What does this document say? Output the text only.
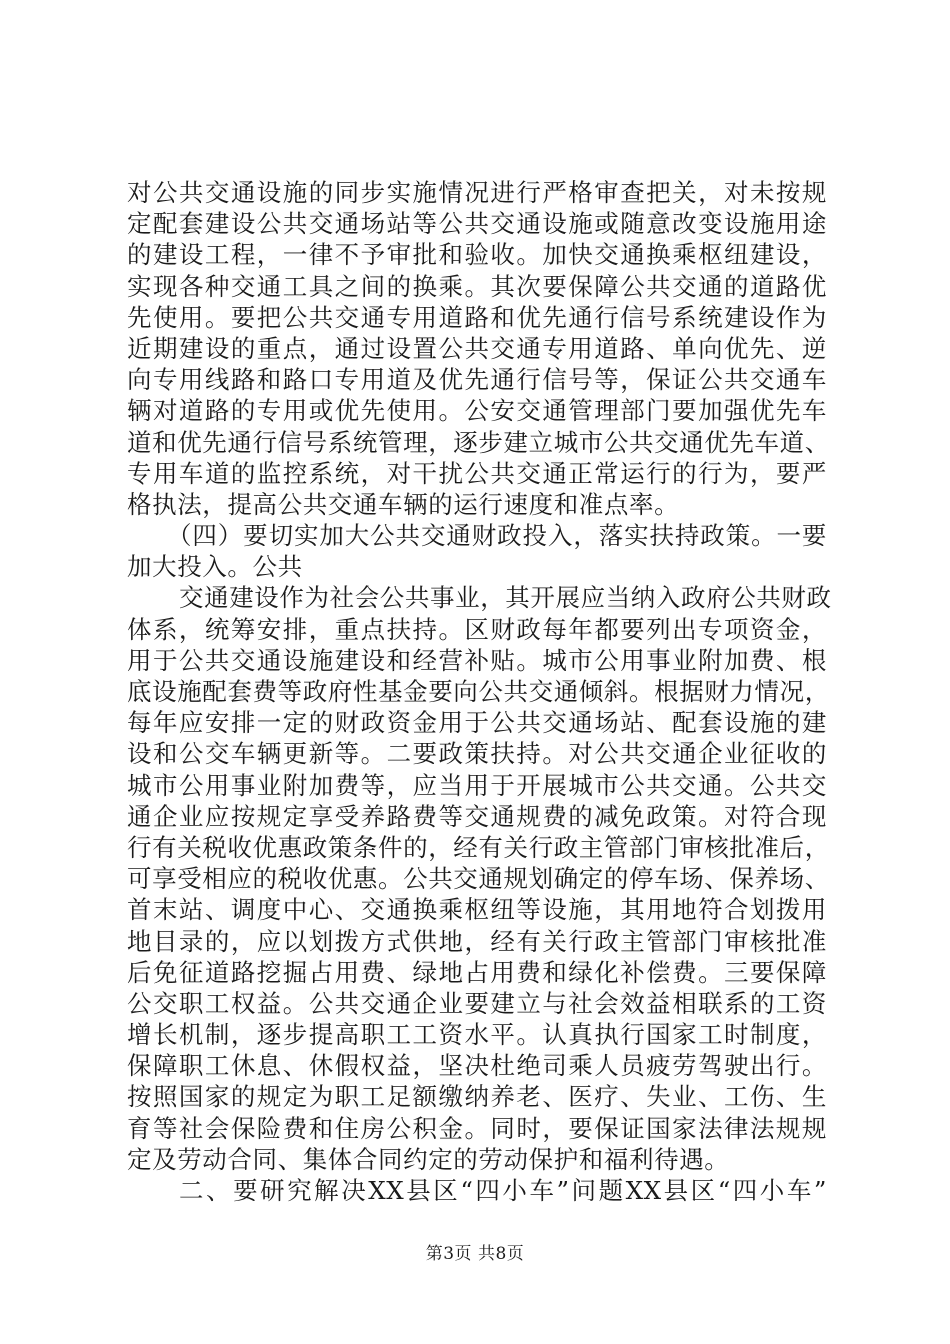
对公共交通设施的同步实施情况进行严格审查把关，对未按规
定配套建设公共交通场站等公共交通设施或随意改变设施用途
的建设工程，一律不予审批和验收。加快交通换乘枢纽建设，
实现各种交通工具之间的换乘。其次要保障公共交通的道路优
先使用。要把公共交通专用道路和优先通行信号系统建设作为
近期建设的重点，通过设置公共交通专用道路、单向优先、逆
向专用线路和路口专用道及优先通行信号等，保证公共交通车
辆对道路的专用或优先使用。公安交通管理部门要加强优先车
道和优先通行信号系统管理，逐步建立城市公共交通优先车道、
专用车道的监控系统，对干扰公共交通正常运行的行为，要严
格执法，提高公共交通车辆的运行速度和准点率。
（四）要切实加大公共交通财政投入，落实扶持政策。一要
加大投入。公共
交通建设作为社会公共事业，其开展应当纳入政府公共财政
体系，统筹安排，重点扶持。区财政每年都要列出专项资金，
用于公共交通设施建设和经营补贴。城市公用事业附加费、根
底设施配套费等政府性基金要向公共交通倾斜。根据财力情况，
每年应安排一定的财政资金用于公共交通场站、配套设施的建
设和公交车辆更新等。二要政策扶持。对公共交通企业征收的
城市公用事业附加费等，应当用于开展城市公共交通。公共交
通企业应按规定享受养路费等交通规费的减免政策。对符合现
行有关税收优惠政策条件的，经有关行政主管部门审核批准后，
可享受相应的税收优惠。公共交通规划确定的停车场、保养场、
首末站、调度中心、交通换乘枢纽等设施，其用地符合划拨用
地目录的，应以划拨方式供地，经有关行政主管部门审核批准
后免征道路挖掘占用费、绿地占用费和绿化补偿费。三要保障
公交职工权益。公共交通企业要建立与社会效益相联系的工资
增长机制，逐步提高职工工资水平。认真执行国家工时制度，
保障职工休息、休假权益，坚决杜绝司乘人员疲劳驾驶出行。
按照国家的规定为职工足额缴纳养老、医疗、失业、工伤、生
育等社会保险费和住房公积金。同时，要保证国家法律法规规
定及劳动合同、集体合同约定的劳动保护和福利待遇。
二、要研究解决XX县区“四小车”问题XX县区“四小车”
第3页 共8页
